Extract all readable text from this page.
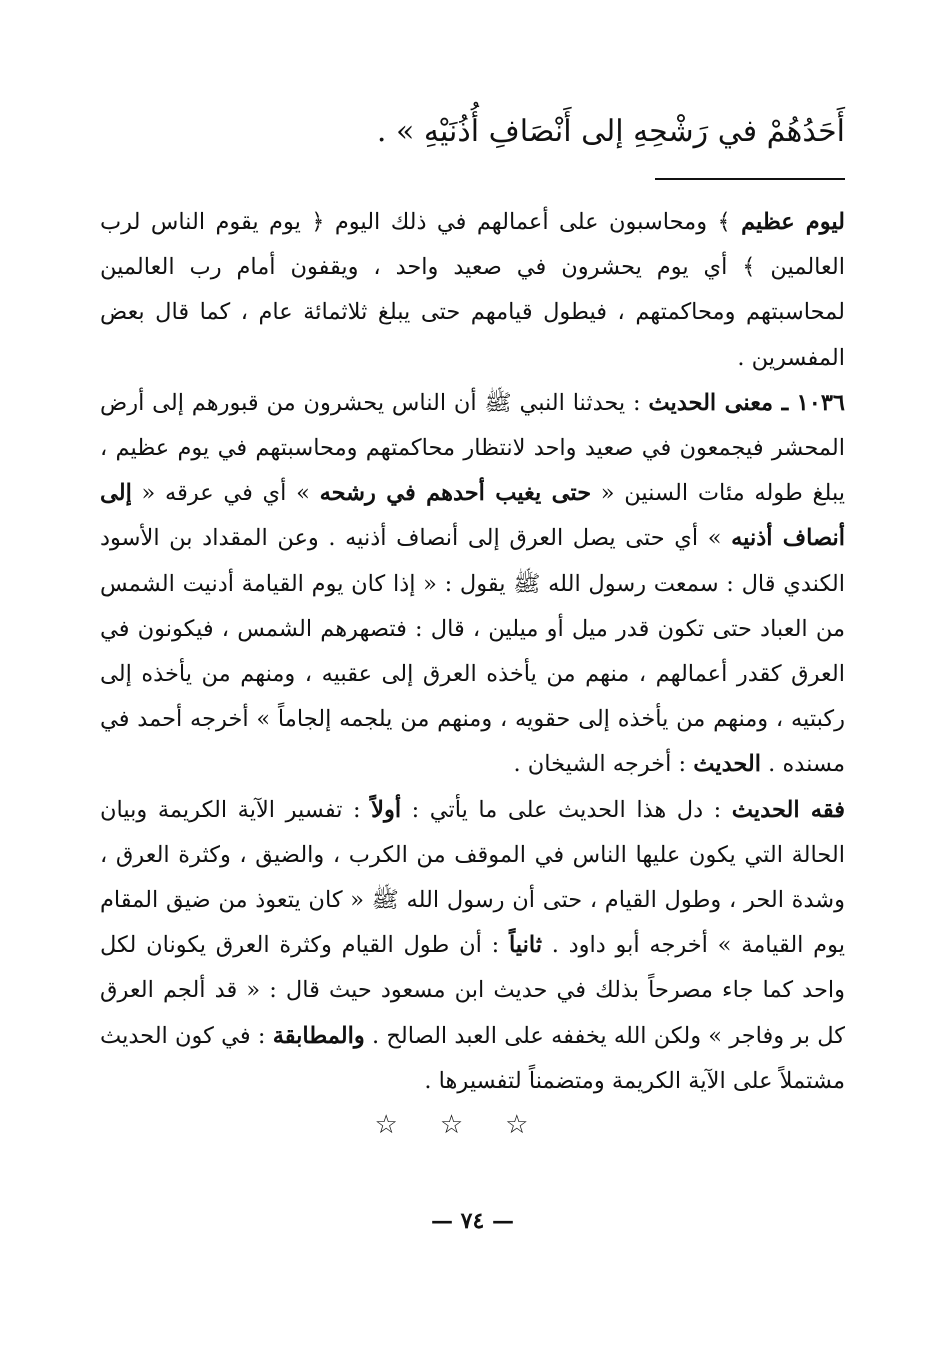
أَحَدُهُمْ في رَشْحِهِ إلى أَنْصَافِ أُذُنَيْهِ » .

ليوم عظيم ﴾ ومحاسبون على أعمالهم في ذلك اليوم ﴿ يوم يقوم الناس لرب العالمين ﴾ أي يوم يحشرون في صعيد واحد ، ويقفون أمام رب العالمين لمحاسبتهم ومحاكمتهم ، فيطول قيامهم حتى يبلغ ثلاثمائة عام ، كما قال بعض المفسرين .

١٠٣٦ ـ معنى الحديث : يحدثنا النبي ﷺ أن الناس يحشرون من قبورهم إلى أرض المحشر فيجمعون في صعيد واحد لانتظار محاكمتهم ومحاسبتهم في يوم عظيم ، يبلغ طوله مئات السنين « حتى يغيب أحدهم في رشحه » أي في عرقه « إلى أنصاف أذنيه » أي حتى يصل العرق إلى أنصاف أذنيه . وعن المقداد بن الأسود الكندي قال : سمعت رسول الله ﷺ يقول : « إذا كان يوم القيامة أدنيت الشمس من العباد حتى تكون قدر ميل أو ميلين ، قال : فتصهرهم الشمس ، فيكونون في العرق كقدر أعمالهم ، منهم من يأخذه العرق إلى عقبيه ، ومنهم من يأخذه إلى ركبتيه ، ومنهم من يأخذه إلى حقويه ، ومنهم من يلجمه إلجاماً » أخرجه أحمد في مسنده . الحديث : أخرجه الشيخان .

فقه الحديث : دل هذا الحديث على ما يأتي : أولاً : تفسير الآية الكريمة وبيان الحالة التي يكون عليها الناس في الموقف من الكرب ، والضيق ، وكثرة العرق ، وشدة الحر ، وطول القيام ، حتى أن رسول الله ﷺ « كان يتعوذ من ضيق المقام يوم القيامة » أخرجه أبو داود . ثانياً : أن طول القيام وكثرة العرق يكونان لكل واحد كما جاء مصرحاً بذلك في حديث ابن مسعود حيث قال : « قد ألجم العرق كل بر وفاجر » ولكن الله يخففه على العبد الصالح . والمطابقة : في كون الحديث مشتملاً على الآية الكريمة ومتضمناً لتفسيرها .

☆☆☆
— ٧٤ —
